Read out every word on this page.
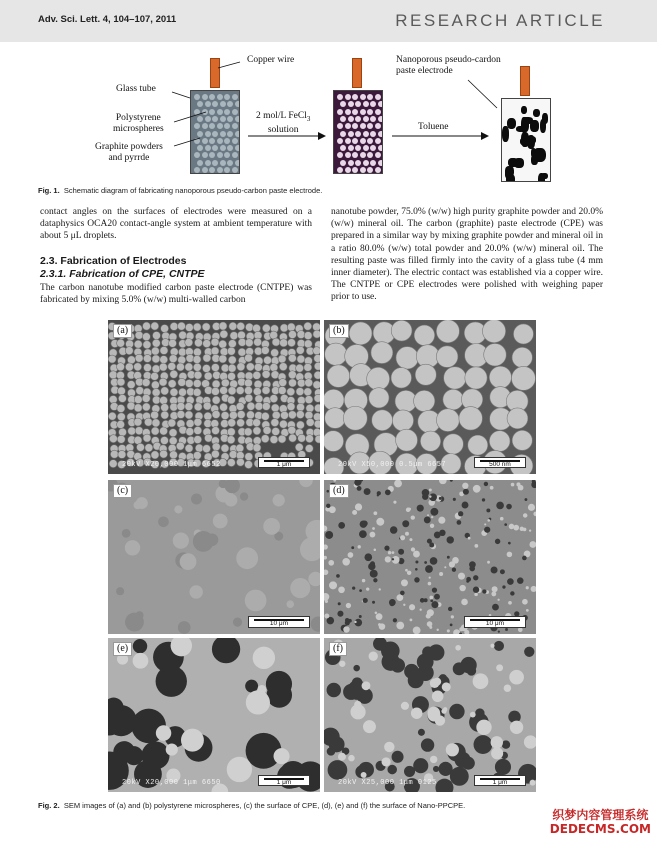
Adv. Sci. Lett. 4, 104–107, 2011	RESEARCH ARTICLE
Copper wire
Glass tube
Polystyrene
microspheres
Graphite powders
and pyrrde
2 mol/L FeCl$_3$
solution	Toluene
Nanoporous pseudo-cardon
paste electrode
Fig. 1. Schematic diagram of fabricating nanoporous pseudo-carbon paste electrode.

contact angles on the surfaces of electrodes were measured on a dataphysics OCA20 contact-angle system at ambient temperature with about 5 μL droplets.

2.3. Fabrication of Electrodes
2.3.1. Fabrication of CPE, CNTPE

The carbon nanotube modified carbon paste electrode (CNTPE) was fabricated by mixing 5.0% (w/w) multi-walled carbon

nanotube powder, 75.0% (w/w) high purity graphite powder and 20.0% (w/w) mineral oil. The carbon (graphite) paste electrode (CPE) was prepared in a similar way by mixing graphite powder and mineral oil in a ratio 80.0% (w/w) total powder and 20.0% (w/w) mineral oil. The resulting paste was filled firmly into the cavity of a glass tube (4 mm inner diameter). The electric contact was established via a copper wire. The CNTPE or CPE electrodes were polished with weighing paper prior to use.

(a)
20kV X20,000 1μm 6652	1 μm
(b)
20kV X50,000 0.5μm 6657	500 nm
(c)
10 μm
(d)
10 μm
(e)
20kV X20,000 1μm 6650	1 μm
(f)
20kV X25,000 1μm 0125	1 μm
Fig. 2. SEM images of (a) and (b) polystyrene microspheres, (c) the surface of CPE, (d), (e) and (f) the surface of Nano-PPCPE.
织梦内容管理系统
DEDECMS.COM
